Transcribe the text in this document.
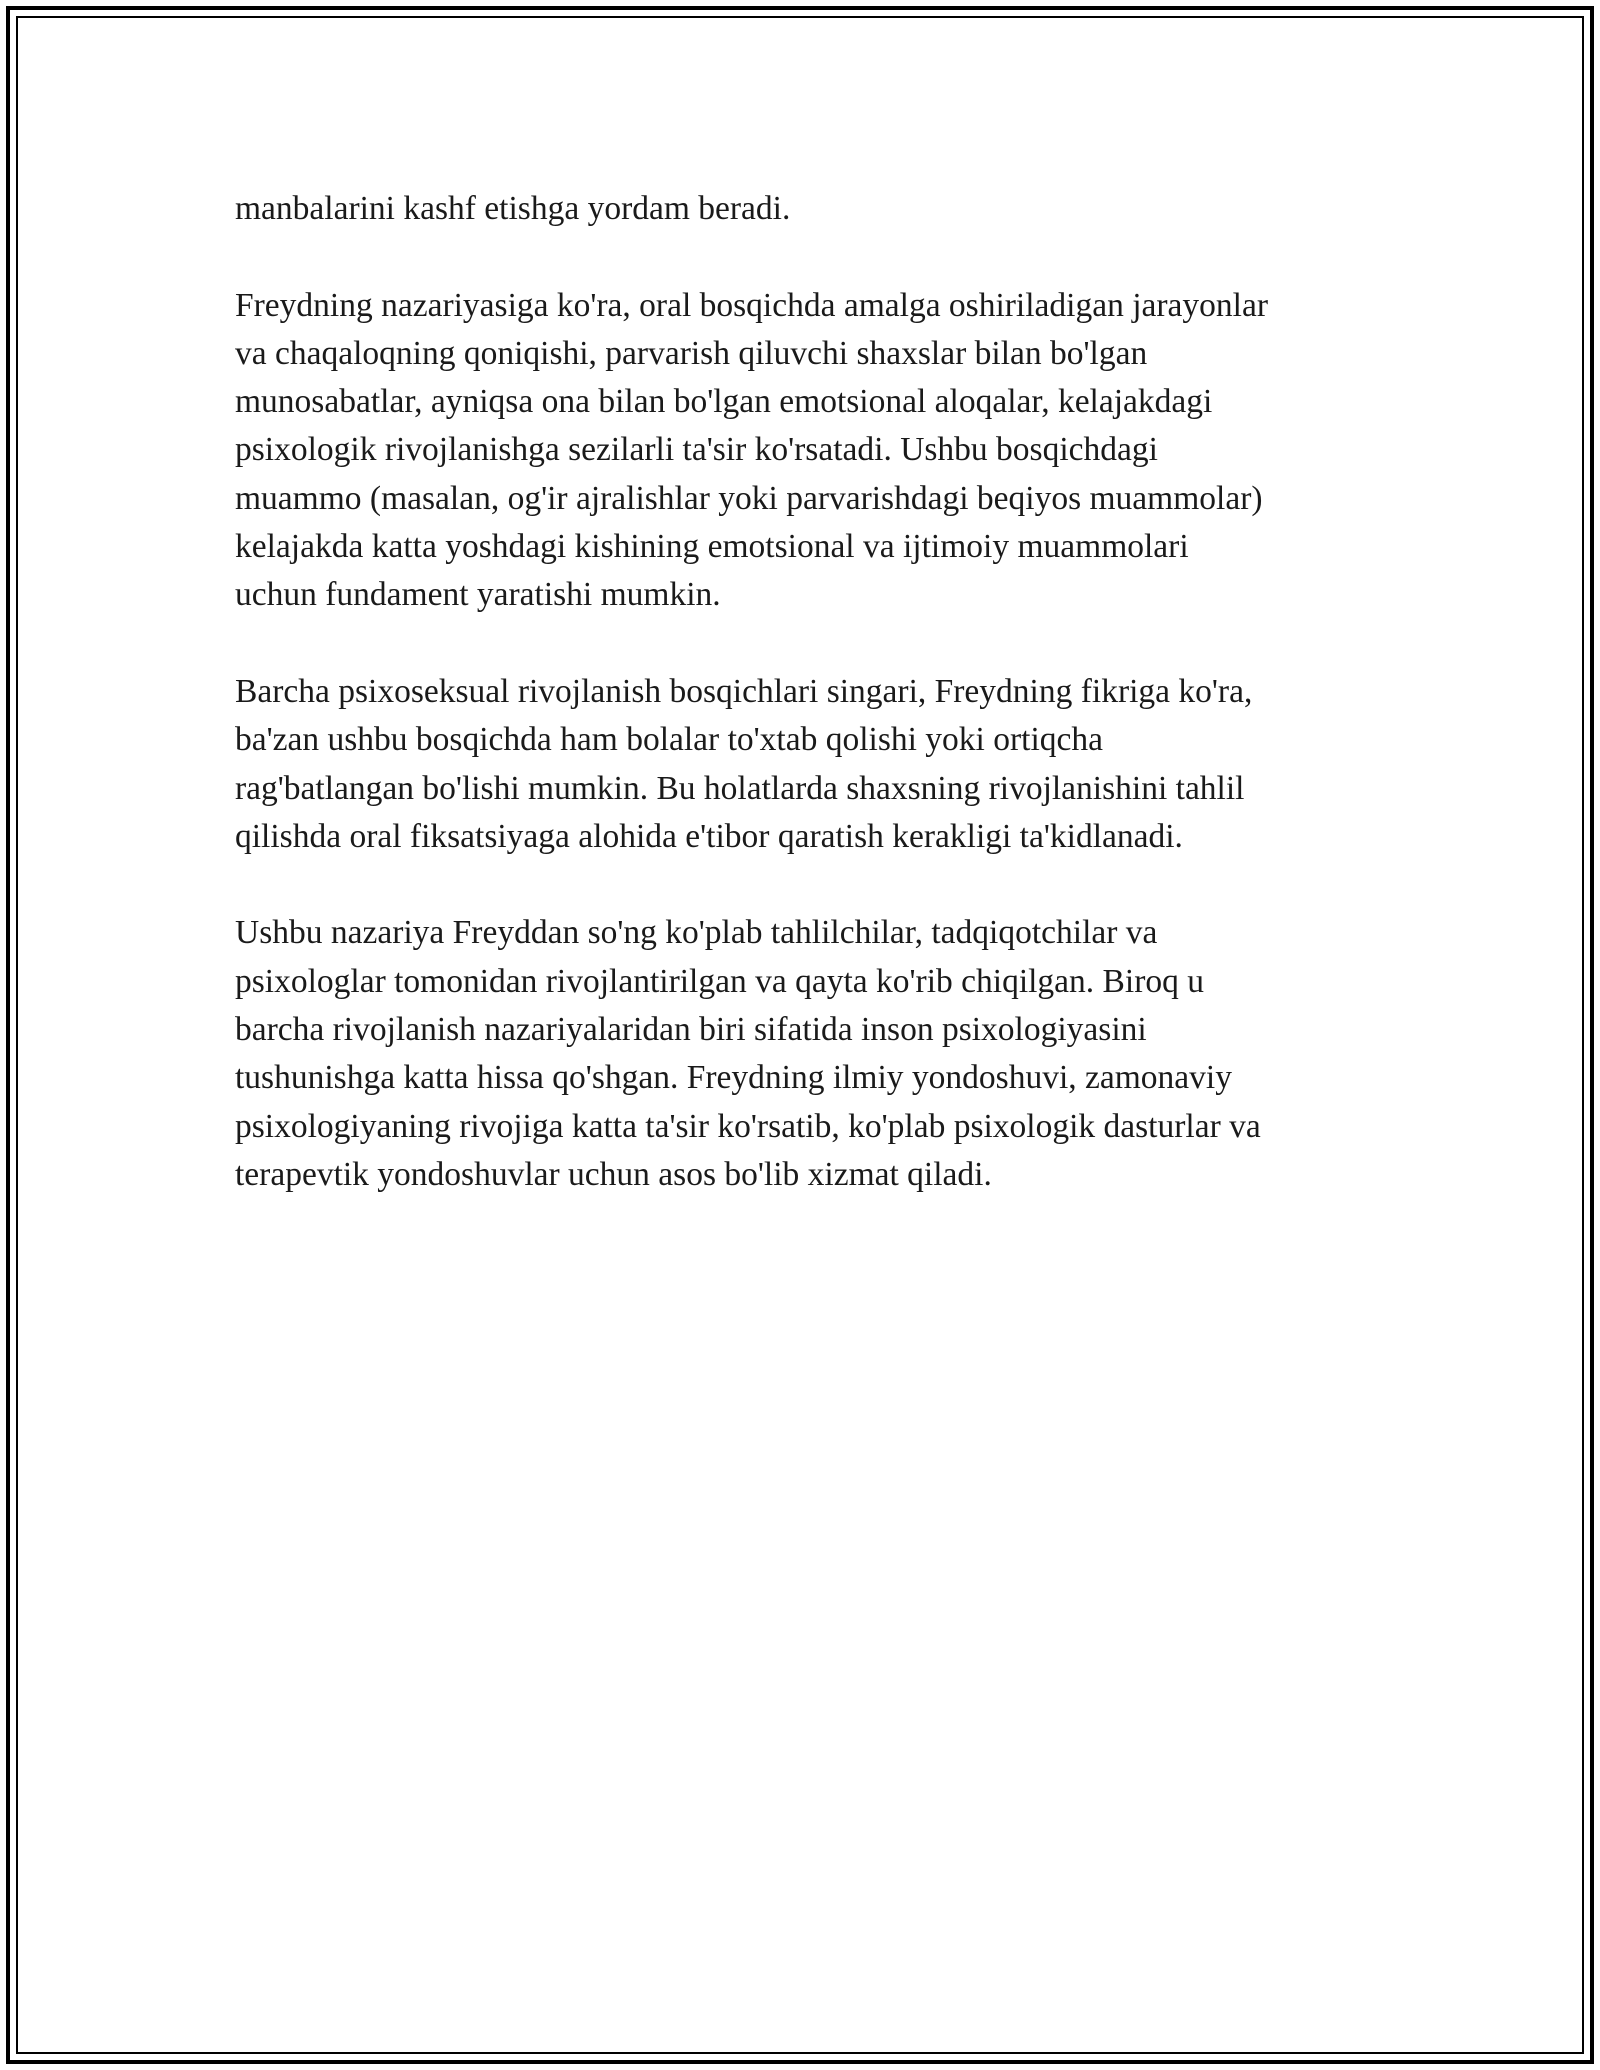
manbalarini kashf etishga yordam beradi.

Freydning nazariyasiga ko'ra, oral bosqichda amalga oshiriladigan jarayonlar
va chaqaloqning qoniqishi, parvarish qiluvchi shaxslar bilan bo'lgan
munosabatlar, ayniqsa ona bilan bo'lgan emotsional aloqalar, kelajakdagi
psixologik rivojlanishga sezilarli ta'sir ko'rsatadi. Ushbu bosqichdagi
muammo (masalan, og'ir ajralishlar yoki parvarishdagi beqiyos muammolar)
kelajakda katta yoshdagi kishining emotsional va ijtimoiy muammolari
uchun fundament yaratishi mumkin.

Barcha psixoseksual rivojlanish bosqichlari singari, Freydning fikriga ko'ra,
ba'zan ushbu bosqichda ham bolalar to'xtab qolishi yoki ortiqcha
rag'batlangan bo'lishi mumkin. Bu holatlarda shaxsning rivojlanishini tahlil
qilishda oral fiksatsiyaga alohida e'tibor qaratish kerakligi ta'kidlanadi.

Ushbu nazariya Freyddan so'ng ko'plab tahlilchilar, tadqiqotchilar va
psixologlar tomonidan rivojlantirilgan va qayta ko'rib chiqilgan. Biroq u
barcha rivojlanish nazariyalaridan biri sifatida inson psixologiyasini
tushunishga katta hissa qo'shgan. Freydning ilmiy yondoshuvi, zamonaviy
psixologiyaning rivojiga katta ta'sir ko'rsatib, ko'plab psixologik dasturlar va
terapevtik yondoshuvlar uchun asos bo'lib xizmat qiladi.
